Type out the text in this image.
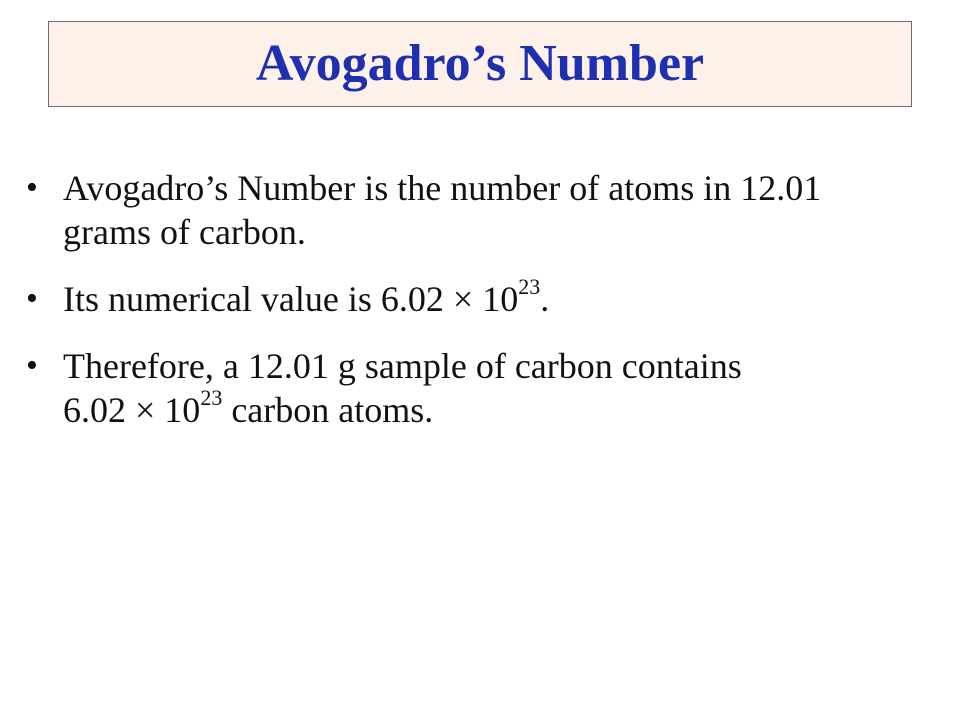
Avogadro’s Number
• Avogadro’s Number is the number of atoms in 12.01 grams of carbon.
• Its numerical value is $6.02 \times 10^{23}$.
• Therefore, a 12.01 g sample of carbon contains
$6.02 \times 10^{23}$ carbon atoms.
